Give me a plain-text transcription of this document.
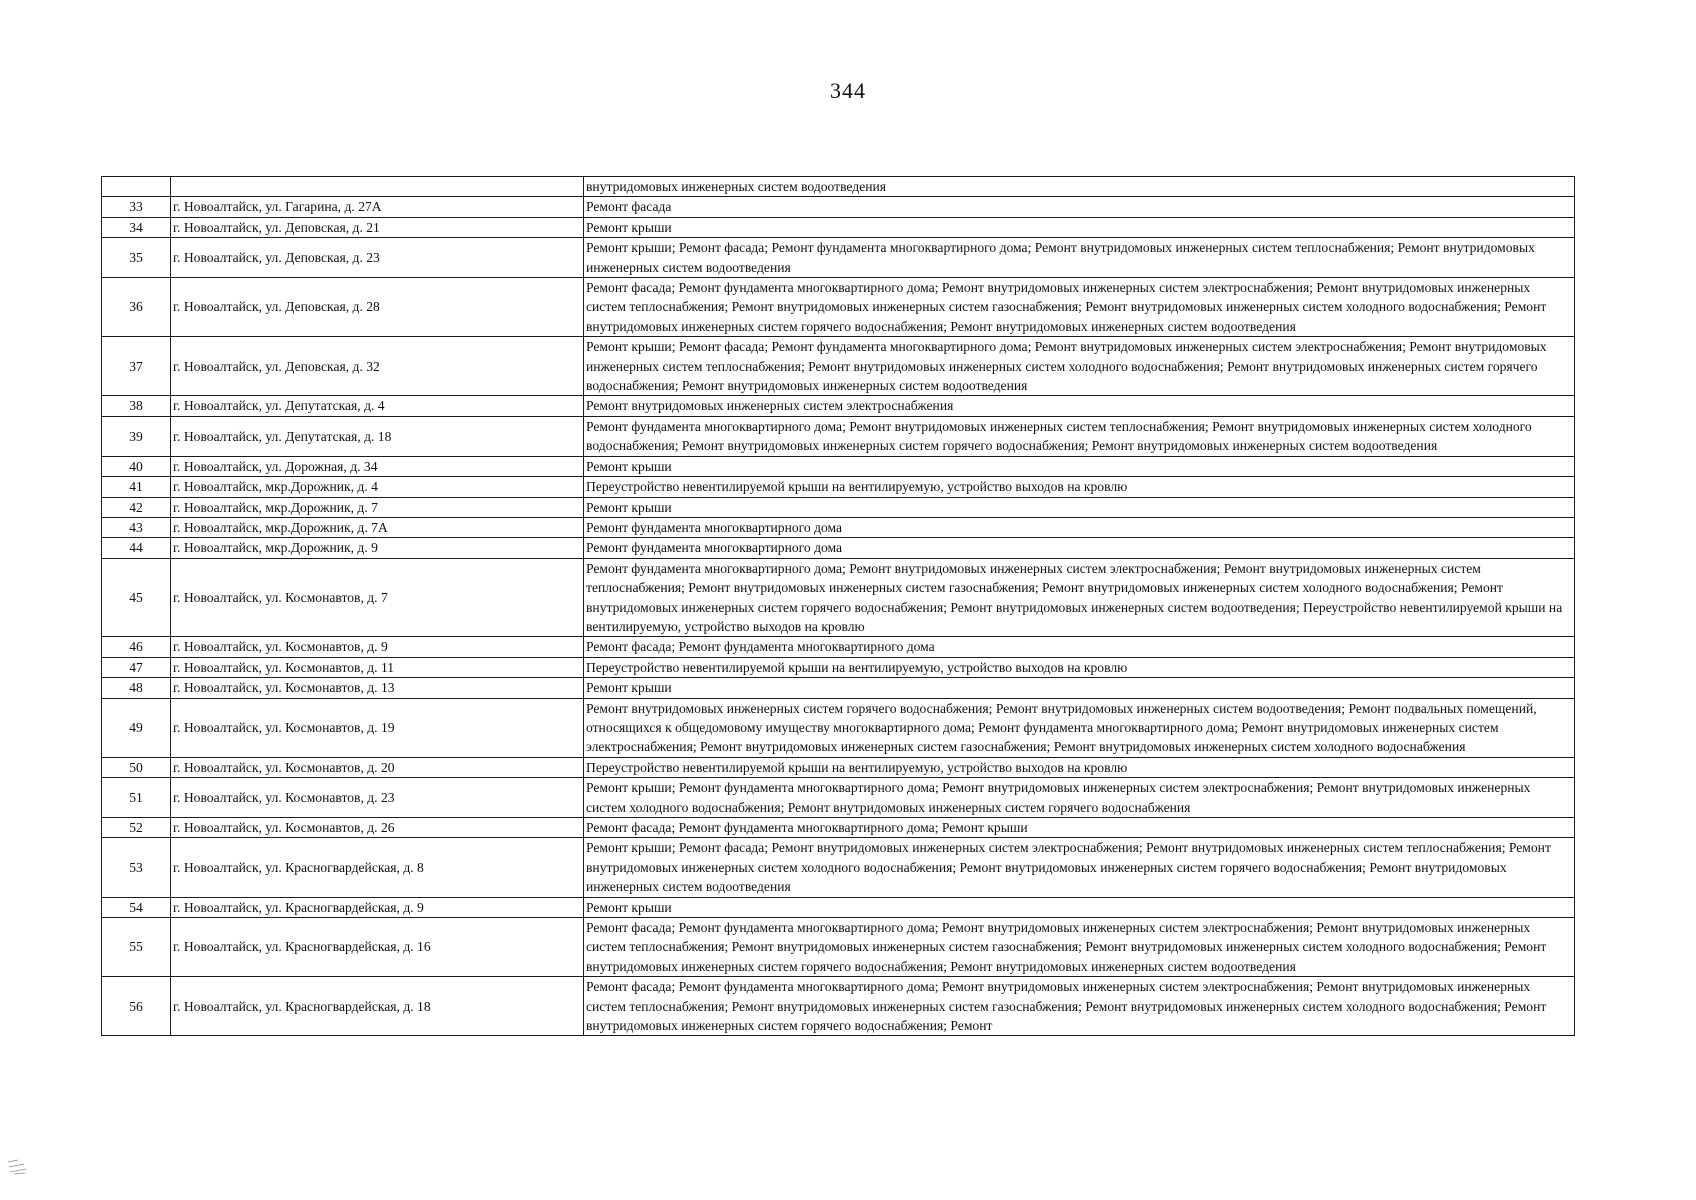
344
		внутридомовых инженерных систем водоотведения
33	г. Новоалтайск, ул. Гагарина, д. 27А	Ремонт фасада
34	г. Новоалтайск, ул. Деповская, д. 21	Ремонт крыши
35	г. Новоалтайск, ул. Деповская, д. 23	Ремонт крыши; Ремонт фасада; Ремонт фундамента многоквартирного дома; Ремонт внутридомовых инженерных систем теплоснабжения; Ремонт внутридомовых инженерных систем водоотведения
36	г. Новоалтайск, ул. Деповская, д. 28	Ремонт фасада; Ремонт фундамента многоквартирного дома; Ремонт внутридомовых инженерных систем электроснабжения; Ремонт внутридомовых инженерных систем теплоснабжения; Ремонт внутридомовых инженерных систем газоснабжения; Ремонт внутридомовых инженерных систем холодного водоснабжения; Ремонт внутридомовых инженерных систем горячего водоснабжения; Ремонт внутридомовых инженерных систем водоотведения
37	г. Новоалтайск, ул. Деповская, д. 32	Ремонт крыши; Ремонт фасада; Ремонт фундамента многоквартирного дома; Ремонт внутридомовых инженерных систем электроснабжения; Ремонт внутридомовых инженерных систем теплоснабжения; Ремонт внутридомовых инженерных систем холодного водоснабжения; Ремонт внутридомовых инженерных систем горячего водоснабжения; Ремонт внутридомовых инженерных систем водоотведения
38	г. Новоалтайск, ул. Депутатская, д. 4	Ремонт внутридомовых инженерных систем электроснабжения
39	г. Новоалтайск, ул. Депутатская, д. 18	Ремонт фундамента многоквартирного дома; Ремонт внутридомовых инженерных систем теплоснабжения; Ремонт внутридомовых инженерных систем холодного водоснабжения; Ремонт внутридомовых инженерных систем горячего водоснабжения; Ремонт внутридомовых инженерных систем водоотведения
40	г. Новоалтайск, ул. Дорожная, д. 34	Ремонт крыши
41	г. Новоалтайск, мкр.Дорожник, д. 4	Переустройство невентилируемой крыши на вентилируемую, устройство выходов на кровлю
42	г. Новоалтайск, мкр.Дорожник, д. 7	Ремонт крыши
43	г. Новоалтайск, мкр.Дорожник, д. 7А	Ремонт фундамента многоквартирного дома
44	г. Новоалтайск, мкр.Дорожник, д. 9	Ремонт фундамента многоквартирного дома
45	г. Новоалтайск, ул. Космонавтов, д. 7	Ремонт фундамента многоквартирного дома; Ремонт внутридомовых инженерных систем электроснабжения; Ремонт внутридомовых инженерных систем теплоснабжения; Ремонт внутридомовых инженерных систем газоснабжения; Ремонт внутридомовых инженерных систем холодного водоснабжения; Ремонт внутридомовых инженерных систем горячего водоснабжения; Ремонт внутридомовых инженерных систем водоотведения; Переустройство невентилируемой крыши на вентилируемую, устройство выходов на кровлю
46	г. Новоалтайск, ул. Космонавтов, д. 9	Ремонт фасада; Ремонт фундамента многоквартирного дома
47	г. Новоалтайск, ул. Космонавтов, д. 11	Переустройство невентилируемой крыши на вентилируемую, устройство выходов на кровлю
48	г. Новоалтайск, ул. Космонавтов, д. 13	Ремонт крыши
49	г. Новоалтайск, ул. Космонавтов, д. 19	Ремонт внутридомовых инженерных систем горячего водоснабжения; Ремонт внутридомовых инженерных систем водоотведения; Ремонт подвальных помещений, относящихся к общедомовому имуществу многоквартирного дома; Ремонт фундамента многоквартирного дома; Ремонт внутридомовых инженерных систем электроснабжения; Ремонт внутридомовых инженерных систем газоснабжения; Ремонт внутридомовых инженерных систем холодного водоснабжения
50	г. Новоалтайск, ул. Космонавтов, д. 20	Переустройство невентилируемой крыши на вентилируемую, устройство выходов на кровлю
51	г. Новоалтайск, ул. Космонавтов, д. 23	Ремонт крыши; Ремонт фундамента многоквартирного дома; Ремонт внутридомовых инженерных систем электроснабжения; Ремонт внутридомовых инженерных систем холодного водоснабжения; Ремонт внутридомовых инженерных систем горячего водоснабжения
52	г. Новоалтайск, ул. Космонавтов, д. 26	Ремонт фасада; Ремонт фундамента многоквартирного дома; Ремонт крыши
53	г. Новоалтайск, ул. Красногвардейская, д. 8	Ремонт крыши; Ремонт фасада; Ремонт внутридомовых инженерных систем электроснабжения; Ремонт внутридомовых инженерных систем теплоснабжения; Ремонт внутридомовых инженерных систем холодного водоснабжения; Ремонт внутридомовых инженерных систем горячего водоснабжения; Ремонт внутридомовых инженерных систем водоотведения
54	г. Новоалтайск, ул. Красногвардейская, д. 9	Ремонт крыши
55	г. Новоалтайск, ул. Красногвардейская, д. 16	Ремонт фасада; Ремонт фундамента многоквартирного дома; Ремонт внутридомовых инженерных систем электроснабжения; Ремонт внутридомовых инженерных систем теплоснабжения; Ремонт внутридомовых инженерных систем газоснабжения; Ремонт внутридомовых инженерных систем холодного водоснабжения; Ремонт внутридомовых инженерных систем горячего водоснабжения; Ремонт внутридомовых инженерных систем водоотведения
56	г. Новоалтайск, ул. Красногвардейская, д. 18	Ремонт фасада; Ремонт фундамента многоквартирного дома; Ремонт внутридомовых инженерных систем электроснабжения; Ремонт внутридомовых инженерных систем теплоснабжения; Ремонт внутридомовых инженерных систем газоснабжения; Ремонт внутридомовых инженерных систем холодного водоснабжения; Ремонт внутридомовых инженерных систем горячего водоснабжения; Ремонт
